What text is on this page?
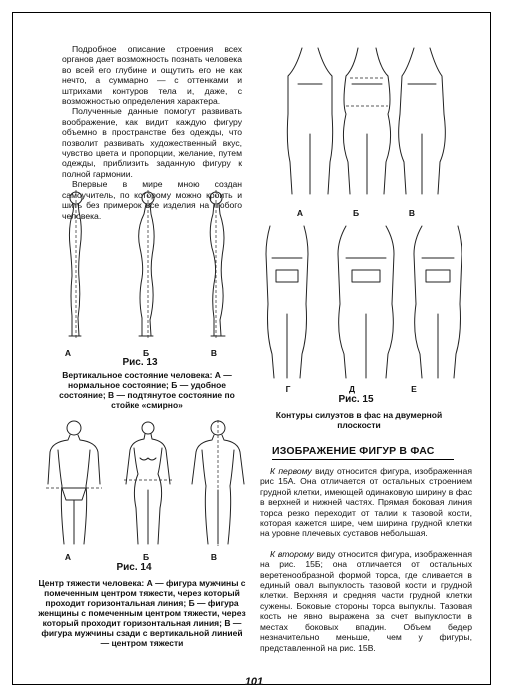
Подробное описание строения всех органов дает возможность познать человека во всей его глубине и ощутить его не как нечто, а суммарно — с оттенками и штрихами контуров тела и, даже, с возможностью определения характера.

Полученные данные помогут развивать воображение, как видит каждую фигуру объемно в пространстве без одежды, что позволит развивать художественный вкус, чувство цвета и пропорции, желание, путем одежды, приблизить заданную фигуру к полной гармонии.

Впервые в мире мною создан самоучитель, по которому можно кроить и шить без примерок все изделия на любого человека.

А	Б	В
Рис. 13
Вертикальное состояние человека: А — нормальное состояние; Б — удобное состояние; В — подтянутое состояние по стойке «смирно»
А	Б	В
Рис. 14
Центр тяжести человека: А — фигура мужчины с помеченным центром тяжести, через который проходит горизонтальная линия; Б — фигура женщины с помеченным центром тяжести, через который проходит горизонтальная линия; В — фигура мужчины сзади с вертикальной линией — центром тяжести
А	Б	В
Г	Д	Е
Рис. 15
Контуры силуэтов в фас на двумерной плоскости
ИЗОБРАЖЕНИЕ ФИГУР В ФАС

К первому виду относится фигура, изображенная рис 15А. Она отличается от остальных строением грудной клетки, имеющей одинаковую ширину в фас в верхней и нижней частях. Прямая боковая линия торса резко переходит от талии к тазовой кости, которая кажется шире, чем ширина грудной клетки на уровне плечевых суставов небольшая.

К второму виду относится фигура, изображенная на рис. 15Б; она отличается от остальных веретенообразной формой торса, где сливается в единый овал выпуклость тазовой кости и грудной клетки. Верхняя и средняя части грудной клетки сужены. Боковые стороны торса выпуклы. Тазовая кость не явно выражена за счет выпуклости в местах боковых впадин. Объем бедер незначительно меньше, чем у фигуры, представленной на рис. 15В.

101
